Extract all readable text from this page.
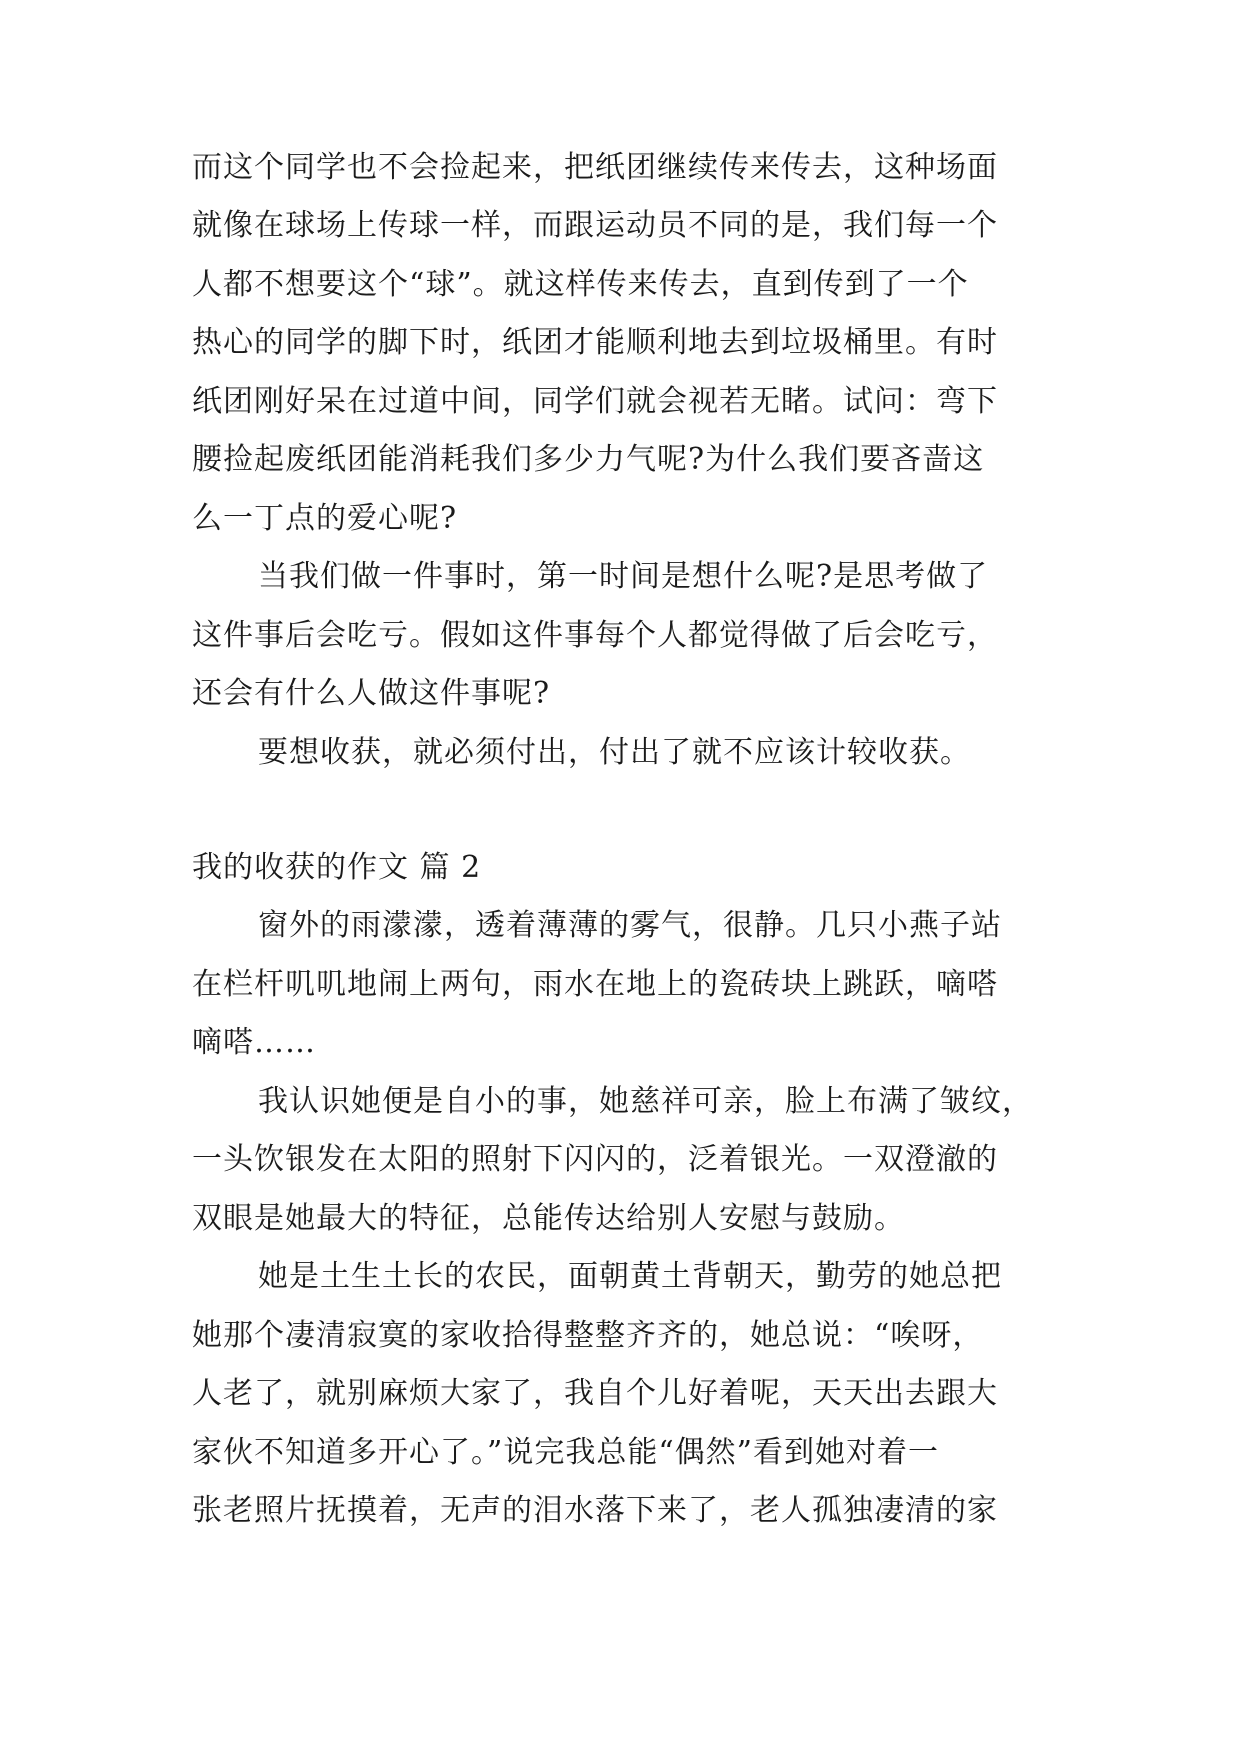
而这个同学也不会捡起来，把纸团继续传来传去，这种场面

就像在球场上传球一样，而跟运动员不同的是，我们每一个

人都不想要这个“球”。就这样传来传去，直到传到了一个

热心的同学的脚下时，纸团才能顺利地去到垃圾桶里。有时

纸团刚好呆在过道中间，同学们就会视若无睹。试问：弯下

腰捡起废纸团能消耗我们多少力气呢?为什么我们要吝啬这

么一丁点的爱心呢?

当我们做一件事时，第一时间是想什么呢?是思考做了

这件事后会吃亏。假如这件事每个人都觉得做了后会吃亏，

还会有什么人做这件事呢?

要想收获，就必须付出，付出了就不应该计较收获。

我的收获的作文 篇 2

窗外的雨濛濛，透着薄薄的雾气，很静。几只小燕子站

在栏杆叽叽地闹上两句，雨水在地上的瓷砖块上跳跃，嘀嗒

嘀嗒……

我认识她便是自小的事，她慈祥可亲，脸上布满了皱纹，

一头饮银发在太阳的照射下闪闪的，泛着银光。一双澄澈的

双眼是她最大的特征，总能传达给别人安慰与鼓励。

她是土生土长的农民，面朝黄土背朝天，勤劳的她总把

她那个凄清寂寞的家收拾得整整齐齐的，她总说：“唉呀，

人老了，就别麻烦大家了，我自个儿好着呢，天天出去跟大

家伙不知道多开心了。”说完我总能“偶然”看到她对着一

张老照片抚摸着，无声的泪水落下来了，老人孤独凄清的家
